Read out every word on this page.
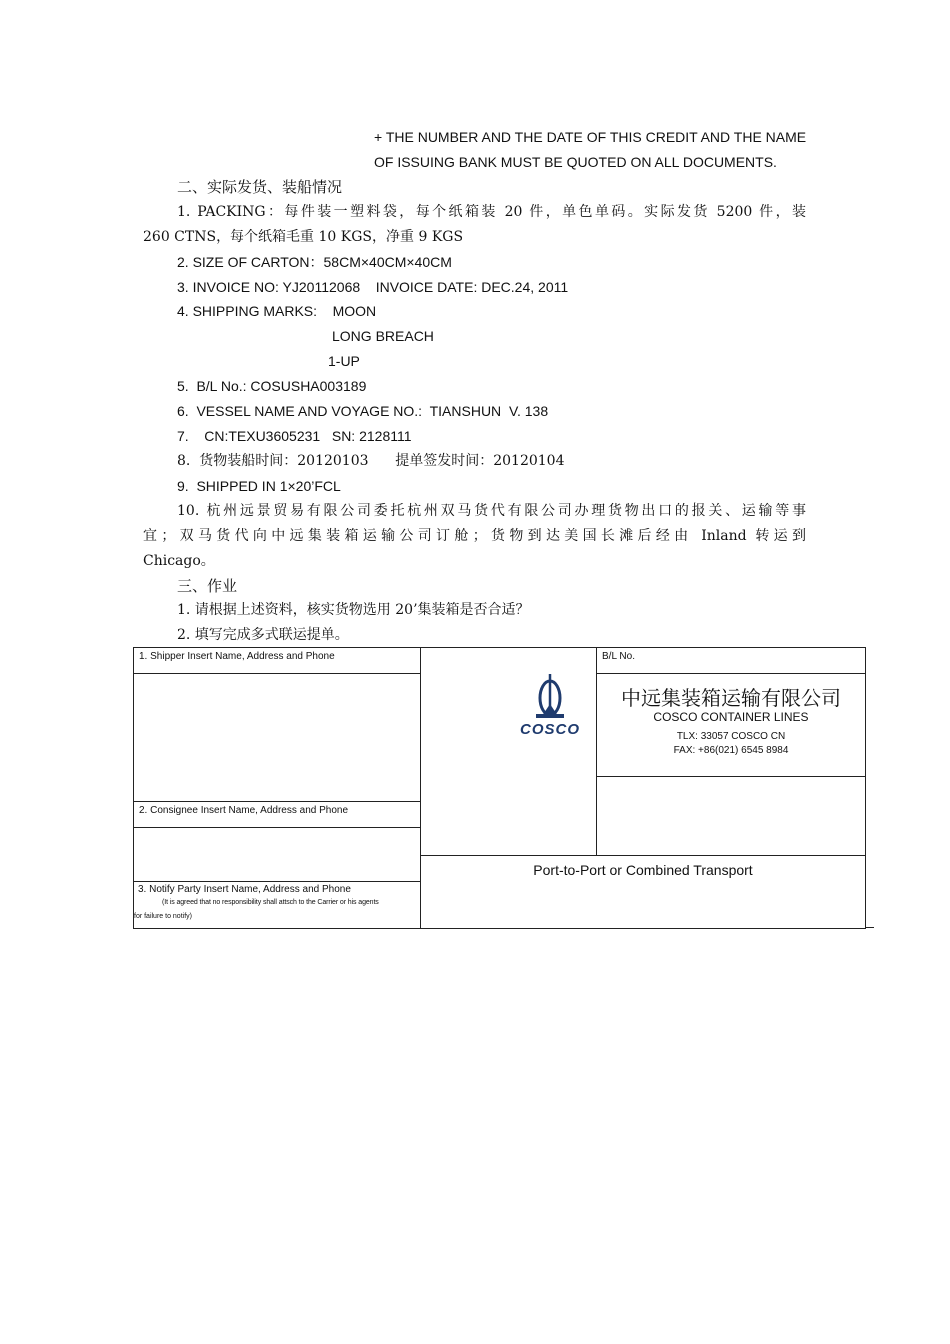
+ THE NUMBER AND THE DATE OF THIS CREDIT AND THE NAME
OF ISSUING BANK MUST BE QUOTED ON ALL DOCUMENTS.
二、实际发货、装船情况
1. PACKING：每件装一塑料袋，每个纸箱装 20 件，单色单码。实际发货 5200 件，装
260 CTNS，每个纸箱毛重 10 KGS，净重 9 KGS
2. SIZE OF CARTON：58CM×40CM×40CM
3. INVOICE NO: YJ20112068    INVOICE DATE: DEC.24, 2011
4. SHIPPING MARKS:    MOON
LONG BREACH
1-UP
5.  B/L No.: COSUSHA003189
6.  VESSEL NAME AND VOYAGE NO.:  TIANSHUN  V. 138
7.    CN:TEXU3605231   SN: 2128111
8.  货物装船时间：20120103      提单签发时间：20120104
9.  SHIPPED IN 1×20’FCL
10. 杭州远景贸易有限公司委托杭州双马货代有限公司办理货物出口的报关、运输等事
宜；双马货代向中远集装箱运输公司订舱；货物到达美国长滩后经由 Inland 转运到
Chicago。
三、作业
1. 请根据上述资料，核实货物选用 20’集装箱是否合适？
2. 填写完成多式联运提单。
1. Shipper Insert Name, Address and Phone
2. Consignee Insert Name, Address and Phone
3. Notify Party Insert Name, Address and Phone
(It is agreed that no responsibility shall attsch to the Carrier or his agents
for failure to notify)
COSCO
B/L No.
中远集装箱运输有限公司
COSCO CONTAINER LINES
TLX: 33057 COSCO CN
FAX: +86(021) 6545 8984
Port-to-Port or Combined Transport
